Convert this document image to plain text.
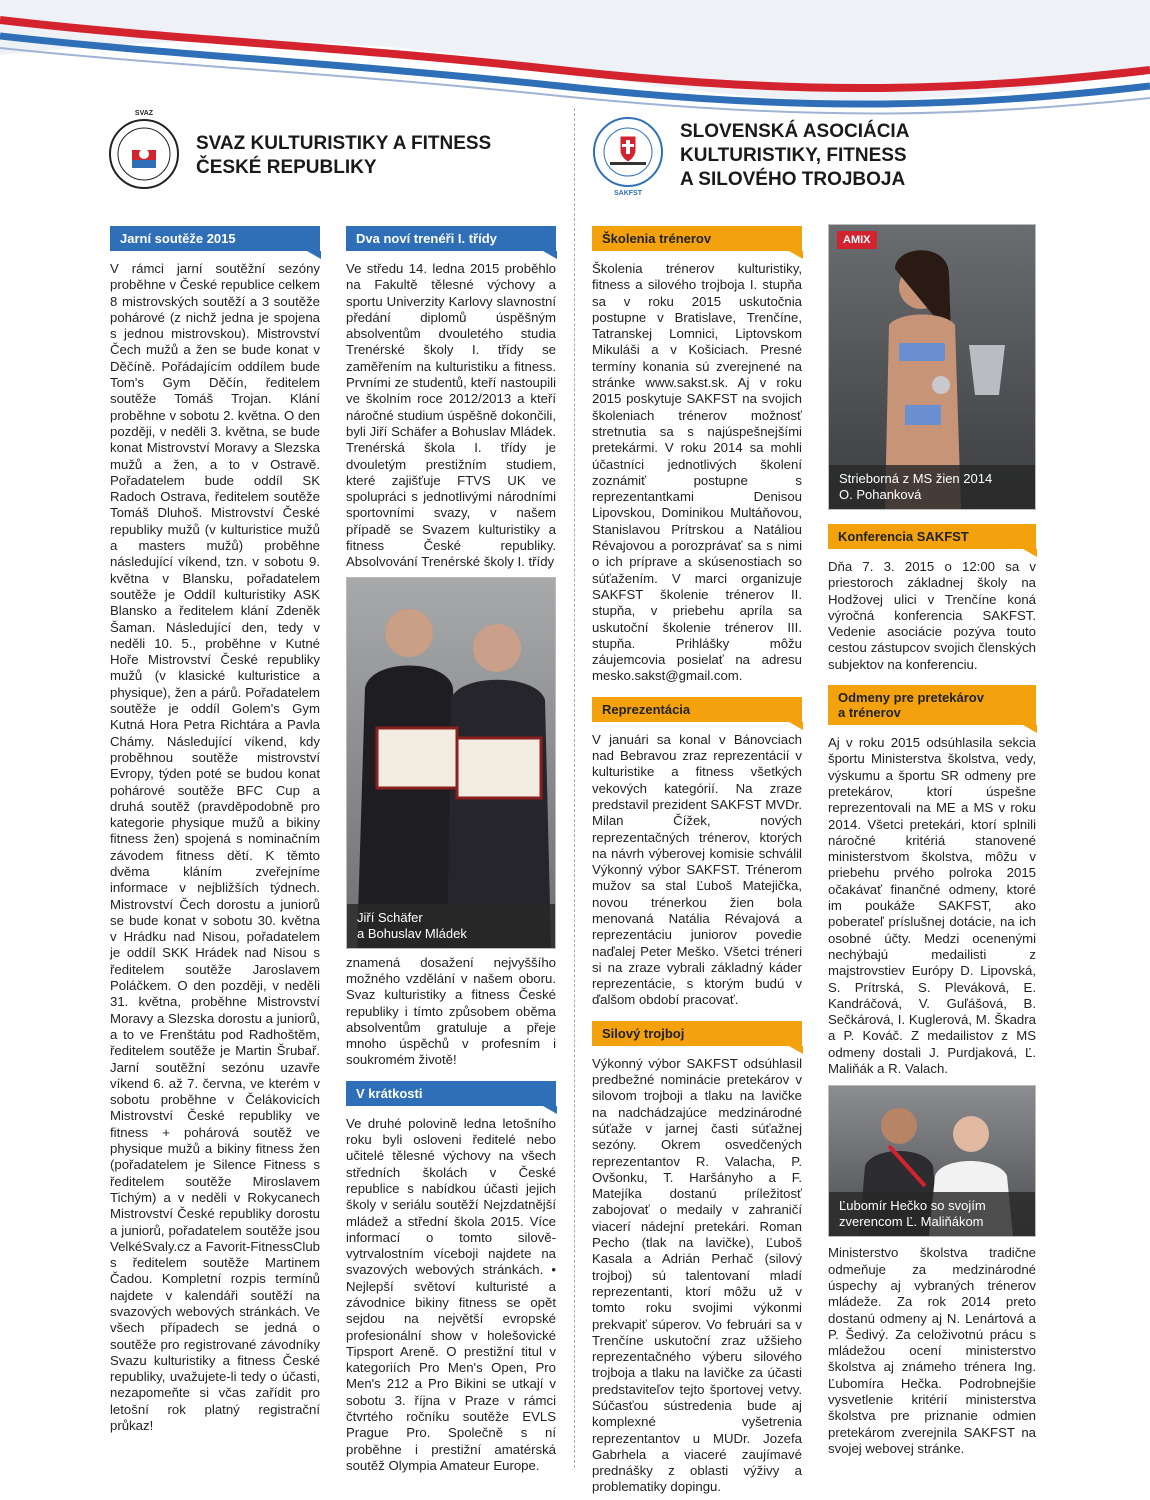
SVAZ

SVAZ KULTURISTIKY A FITNESS

ČESKÉ REPUBLIKY

SAKFST

SLOVENSKÁ ASOCIÁCIA

KULTURISTIKY, FITNESS

A SILOVÉHO TROJBOJA

Jarní soutěže 2015

V rámci jarní soutěžní sezóny proběhne v České republice celkem 8 mistrovských soutěží a 3 soutěže pohárové (z nichž jedna je spojena s jednou mistrovskou). Mistrovství Čech mužů a žen se bude konat v Děčíně. Pořádajícím oddílem bude Tom's Gym Děčín, ředitelem soutěže Tomáš Trojan. Klání proběhne v sobotu 2. května. O den později, v neděli 3. května, se bude konat Mistrovství Moravy a Slezska mužů a žen, a to v Ostravě. Pořadatelem bude oddíl SK Radoch Ostrava, ředitelem soutěže Tomáš Dluhoš. Mistrovství České republiky mužů (v kulturistice mužů a masters mužů) proběhne následující víkend, tzn. v sobotu 9. května v Blansku, pořadatelem soutěže je Oddíl kulturistiky ASK Blansko a ředitelem klání Zdeněk Šaman. Následující den, tedy v neděli 10. 5., proběhne v Kutné Hoře Mistrovství České republiky mužů (v klasické kulturistice a physique), žen a párů. Pořadatelem soutěže je oddíl Golem's Gym Kutná Hora Petra Richtára a Pavla Chámy. Následující víkend, kdy proběhnou soutěže mistrovství Evropy, týden poté se budou konat pohárové soutěže BFC Cup a druhá soutěž (pravděpodobně pro kategorie physique mužů a bikiny fitness žen) spojená s nominačním závodem fitness dětí. K těmto dvěma kláním zveřejníme informace v nejbližších týdnech. Mistrovství Čech dorostu a juniorů se bude konat v sobotu 30. května v Hrádku nad Nisou, pořadatelem je oddíl SKK Hrádek nad Nisou s ředitelem soutěže Jaroslavem Poláčkem. O den později, v neděli 31. května, proběhne Mistrovství Moravy a Slezska dorostu a juniorů, a to ve Frenštátu pod Radhoštěm, ředitelem soutěže je Martin Šrubař. Jarní soutěžní sezónu uzavře víkend 6. až 7. června, ve kterém v sobotu proběhne v Čelákovicích Mistrovství České republiky ve fitness + pohárová soutěž ve physique mužů a bikiny fitness žen (pořadatelem je Silence Fitness s ředitelem soutěže Miroslavem Tichým) a v neděli v Rokycanech Mistrovství České republiky dorostu a juniorů, pořadatelem soutěže jsou VelkéSvaly.cz a Favorit-FitnessClub s ředitelem soutěže Martinem Čadou. Kompletní rozpis termínů najdete v kalendáři soutěží na svazových webových stránkách. Ve všech případech se jedná o soutěže pro registrované závodníky Svazu kulturistiky a fitness České republiky, uvažujete-li tedy o účasti, nezapomeňte si včas zařídit pro letošní rok platný registrační průkaz!

Dva noví trenéři I. třídy

Ve středu 14. ledna 2015 proběhlo na Fakultě tělesné výchovy a sportu Univerzity Karlovy slavnostní předání diplomů úspěšným absolventům dvouletého studia Trenérské školy I. třídy se zaměřením na kulturistiku a fitness. Prvními ze studentů, kteří nastoupili ve školním roce 2012/2013 a kteří náročné studium úspěšně dokončili, byli Jiří Schäfer a Bohuslav Mládek. Trenérská škola I. třídy je dvouletým prestižním studiem, které zajišťuje FTVS UK ve spolupráci s jednotlivými národními sportovními svazy, v našem případě se Svazem kulturistiky a fitness České republiky. Absolvování Trenérské školy I. třídy

Jiří Schäfer
a Bohuslav Mládek

znamená dosažení nejvyššího možného vzdělání v našem oboru. Svaz kulturistiky a fitness České republiky i tímto způsobem oběma absolventům gratuluje a přeje mnoho úspěchů v profesním i soukromém životě!

V krátkosti

Ve druhé polovině ledna letošního roku byli osloveni ředitelé nebo učitelé tělesné výchovy na všech středních školách v České republice s nabídkou účasti jejich školy v seriálu soutěží Nejzdatnější mládež a střední škola 2015. Více informací o tomto silově-vytrvalostním víceboji najdete na svazových webových stránkách. • Nejlepší světoví kulturisté a závodnice bikiny fitness se opět sejdou na největší evropské profesionální show v holešovické Tipsport Areně. O prestižní titul v kategoriích Pro Men's Open, Pro Men's 212 a Pro Bikini se utkají v sobotu 3. října v Praze v rámci čtvrtého ročníku soutěže EVLS Prague Pro. Společně s ní proběhne i prestižní amatérská soutěž Olympia Amateur Europe.

Školenia trénerov

Školenia trénerov kulturistiky, fitness a silového trojboja I. stupňa sa v roku 2015 uskutočnia postupne v Bratislave, Trenčíne, Tatranskej Lomnici, Liptovskom Mikuláši a v Košiciach. Presné termíny konania sú zverejnené na stránke www.sakst.sk. Aj v roku 2015 poskytuje SAKFST na svojich školeniach trénerov možnosť stretnutia sa s najúspešnejšími pretekármi. V roku 2014 sa mohli účastníci jednotlivých školení zoznámiť postupne s reprezentantkami Denisou Lipovskou, Dominikou Multáňovou, Stanislavou Prítrskou a Natáliou Révajovou a porozprávať sa s nimi o ich príprave a skúsenostiach so súťažením. V marci organizuje SAKFST školenie trénerov II. stupňa, v priebehu apríla sa uskutoční školenie trénerov III. stupňa. Prihlášky môžu záujemcovia posielať na adresu mesko.sakst@gmail.com.

Reprezentácia

V januári sa konal v Bánovciach nad Bebravou zraz reprezentácií v kulturistike a fitness všetkých vekových kategórií. Na zraze predstavil prezident SAKFST MVDr. Milan Čížek, nových reprezentačných trénerov, ktorých na návrh výberovej komisie schválil Výkonný výbor SAKFST. Trénerom mužov sa stal Ľuboš Matejička, novou trénerkou žien bola menovaná Natália Révajová a reprezentáciu juniorov povedie naďalej Peter Meško. Všetci tréneri si na zraze vybrali základný káder reprezentácie, s ktorým budú v ďalšom období pracovať.

Silový trojboj

Výkonný výbor SAKFST odsúhlasil predbežné nominácie pretekárov v silovom trojboji a tlaku na lavičke na nadchádzajúce medzinárodné súťaže v jarnej časti súťažnej sezóny. Okrem osvedčených reprezentantov R. Valacha, P. Ovšonku, T. Haršányho a F. Matejíka dostanú príležitosť zabojovať o medaily v zahraničí viacerí nádejní pretekári. Roman Pecho (tlak na lavičke), Ľuboš Kasala a Adrián Perhač (silový trojboj) sú talentovaní mladí reprezentanti, ktorí môžu už v tomto roku svojimi výkonmi prekvapiť súperov. Vo februári sa v Trenčíne uskutoční zraz užšieho reprezentačného výberu silového trojboja a tlaku na lavičke za účasti predstaviteľov tejto športovej vetvy. Súčasťou sústredenia bude aj komplexné vyšetrenia reprezentantov u MUDr. Jozefa Gabrhela a viaceré zaujímavé prednášky z oblasti výživy a problematiky dopingu.

AMIX
Strieborná z MS žien 2014
O. Pohanková
Konferencia SAKFST

Dňa 7. 3. 2015 o 12:00 sa v priestoroch základnej školy na Hodžovej ulici v Trenčíne koná výročná konferencia SAKFST. Vedenie asociácie pozýva touto cestou zástupcov svojich členských subjektov na konferenciu.

Odmeny pre pretekárov
a trénerov

Aj v roku 2015 odsúhlasila sekcia športu Ministerstva školstva, vedy, výskumu a športu SR odmeny pre pretekárov, ktorí úspešne reprezentovali na ME a MS v roku 2014. Všetci pretekári, ktorí splnili náročné kritériá stanovené ministerstvom školstva, môžu v priebehu prvého polroka 2015 očakávať finančné odmeny, ktoré im poukáže SAKFST, ako poberateľ príslušnej dotácie, na ich osobné účty. Medzi ocenenými nechýbajú medailisti z majstrovstiev Európy D. Lipovská, S. Prítrská, S. Pleváková, E. Kandráčová, V. Guľášová, B. Sečkárová, I. Kuglerová, M. Škadra a P. Kováč. Z medailistov z MS odmeny dostali J. Purdjaková, Ľ. Maliňák a R. Valach.

Ľubomír Hečko so svojím
zverencom Ľ. Maliňákom

Ministerstvo školstva tradične odmeňuje za medzinárodné úspechy aj vybraných trénerov mládeže. Za rok 2014 preto dostanú odmeny aj N. Lenártová a P. Šedivý. Za celoživotnú prácu s mládežou ocení ministerstvo školstva aj známeho trénera Ing. Ľubomíra Hečka. Podrobnejšie vysvetlenie kritérií ministerstva školstva pre priznanie odmien pretekárom zverejnila SAKFST na svojej webovej stránke.
